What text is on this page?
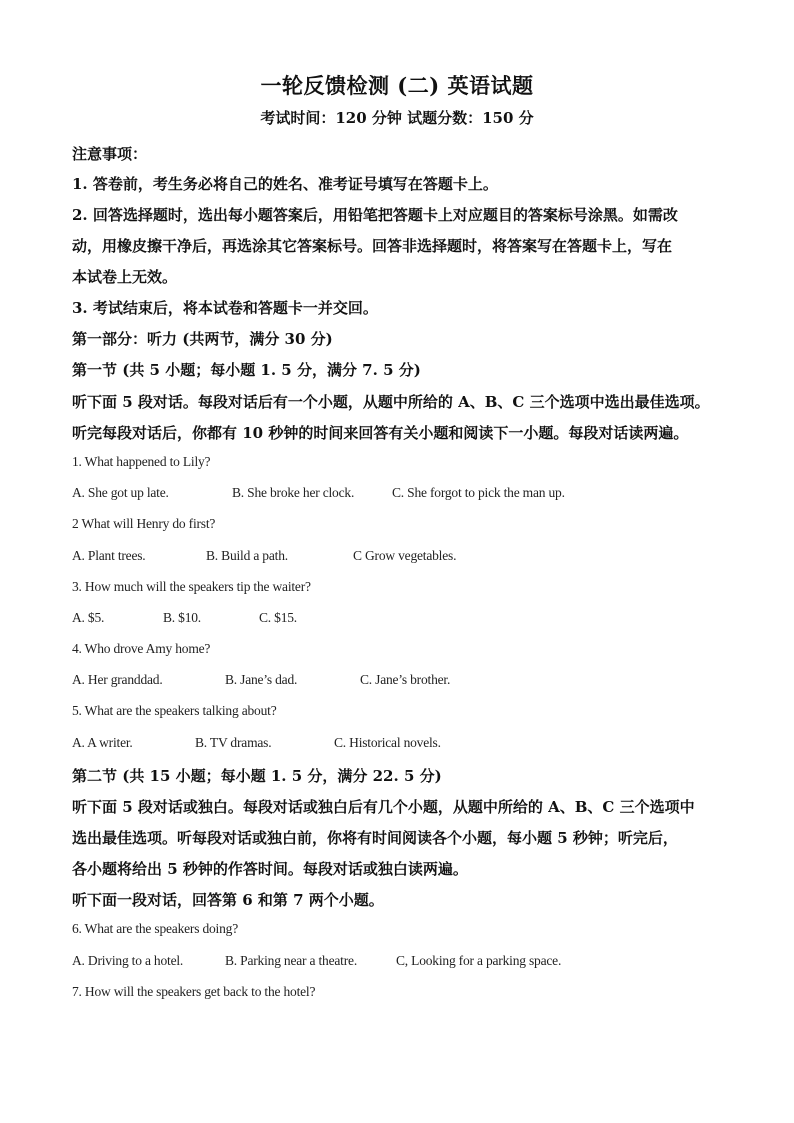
一轮反馈检测 (二) 英语试题
考试时间：120 分钟 试题分数：150 分
注意事项：
1. 答卷前，考生务必将自己的姓名、准考证号填写在答题卡上。
2. 回答选择题时，选出每小题答案后，用铅笔把答题卡上对应题目的答案标号涂黑。如需改
动，用橡皮擦干净后，再选涂其它答案标号。回答非选择题时，将答案写在答题卡上，写在
本试卷上无效。
3. 考试结束后，将本试卷和答题卡一并交回。
第一部分：听力 (共两节，满分 30 分)
第一节 (共 5 小题；每小题 1. 5 分，满分 7. 5 分)
听下面 5 段对话。每段对话后有一个小题，从题中所给的 A、B、C 三个选项中选出最佳选项。
听完每段对话后，你都有 10 秒钟的时间来回答有关小题和阅读下一小题。每段对话读两遍。
1. What happened to Lily?
A. She got up late.	B. She broke her clock.	C. She forgot to pick the man up.
2 What will Henry do first?
A. Plant trees.	B. Build a path.	C Grow vegetables.
3. How much will the speakers tip the waiter?
A. $5.	B. $10.	C. $15.
4. Who drove Amy home?
A. Her granddad.	B. Jane’s dad.	C. Jane’s brother.
5. What are the speakers talking about?
A. A writer.	B. TV dramas.	C. Historical novels.
第二节 (共 15 小题；每小题 1. 5 分，满分 22. 5 分)
听下面 5 段对话或独白。每段对话或独白后有几个小题，从题中所给的 A、B、C 三个选项中
选出最佳选项。听每段对话或独白前，你将有时间阅读各个小题，每小题 5 秒钟；听完后，
各小题将给出 5 秒钟的作答时间。每段对话或独白读两遍。
听下面一段对话，回答第 6 和第 7 两个小题。
6. What are the speakers doing?
A. Driving to a hotel.	B. Parking near a theatre.	C, Looking for a parking space.
7. How will the speakers get back to the hotel?
